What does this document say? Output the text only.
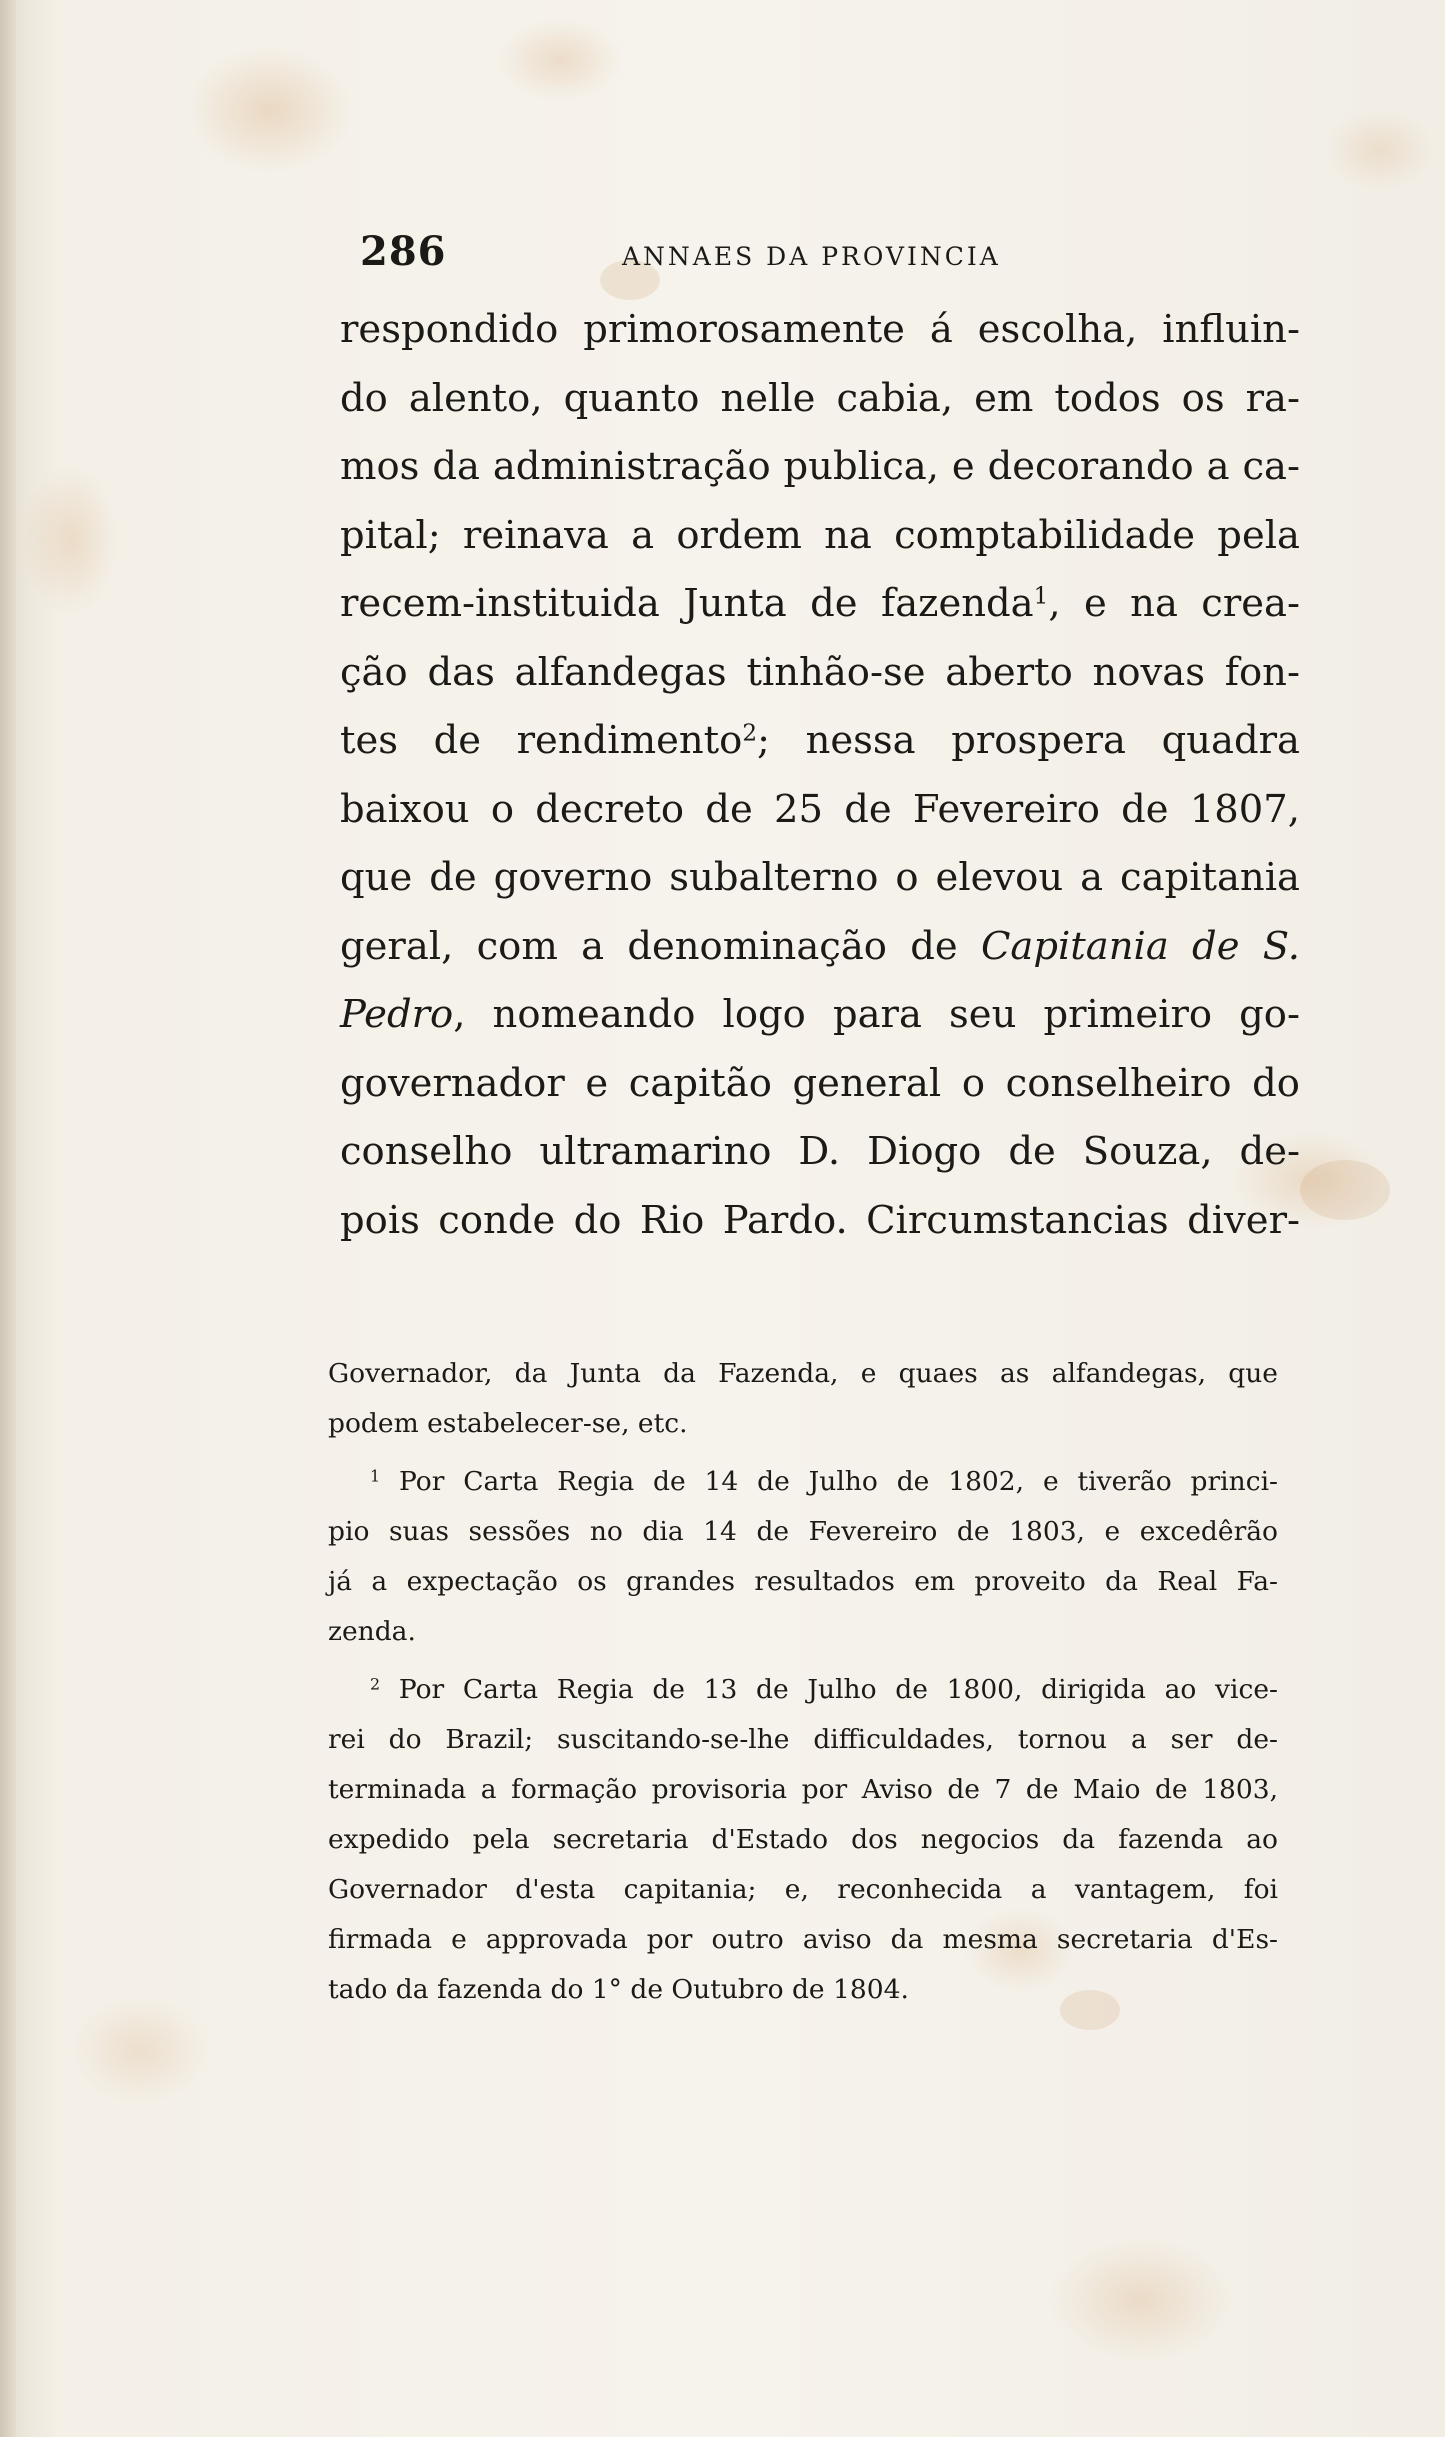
286	ANNAES DA PROVINCIA
respondido primorosamente á escolha, influin-
do alento, quanto nelle cabia, em todos os ra-
mos da administração publica, e decorando a ca-
pital; reinava a ordem na comptabilidade pela
recem-instituida Junta de fazenda$^1$, e na crea-
ção das alfandegas tinhão-se aberto novas fon-
tes de rendimento$^2$; nessa prospera quadra
baixou o decreto de 25 de Fevereiro de 1807,
que de governo subalterno o elevou a capitania
geral, com a denominação de Capitania de S.
Pedro, nomeando logo para seu primeiro go-
governador e capitão general o conselheiro do
conselho ultramarino D. Diogo de Souza, de-
pois conde do Rio Pardo. Circumstancias diver-
Governador, da Junta da Fazenda, e quaes as alfandegas, que
podem estabelecer-se, etc.
$^1$ Por Carta Regia de 14 de Julho de 1802, e tiverão princi-
pio suas sessões no dia 14 de Fevereiro de 1803, e excedêrão
já a expectação os grandes resultados em proveito da Real Fa-
zenda.
$^2$ Por Carta Regia de 13 de Julho de 1800, dirigida ao vice-
rei do Brazil; suscitando-se-lhe difficuldades, tornou a ser de-
terminada a formação provisoria por Aviso de 7 de Maio de 1803,
expedido pela secretaria d'Estado dos negocios da fazenda ao
Governador d'esta capitania; e, reconhecida a vantagem, foi
firmada e approvada por outro aviso da mesma secretaria d'Es-
tado da fazenda do 1° de Outubro de 1804.
